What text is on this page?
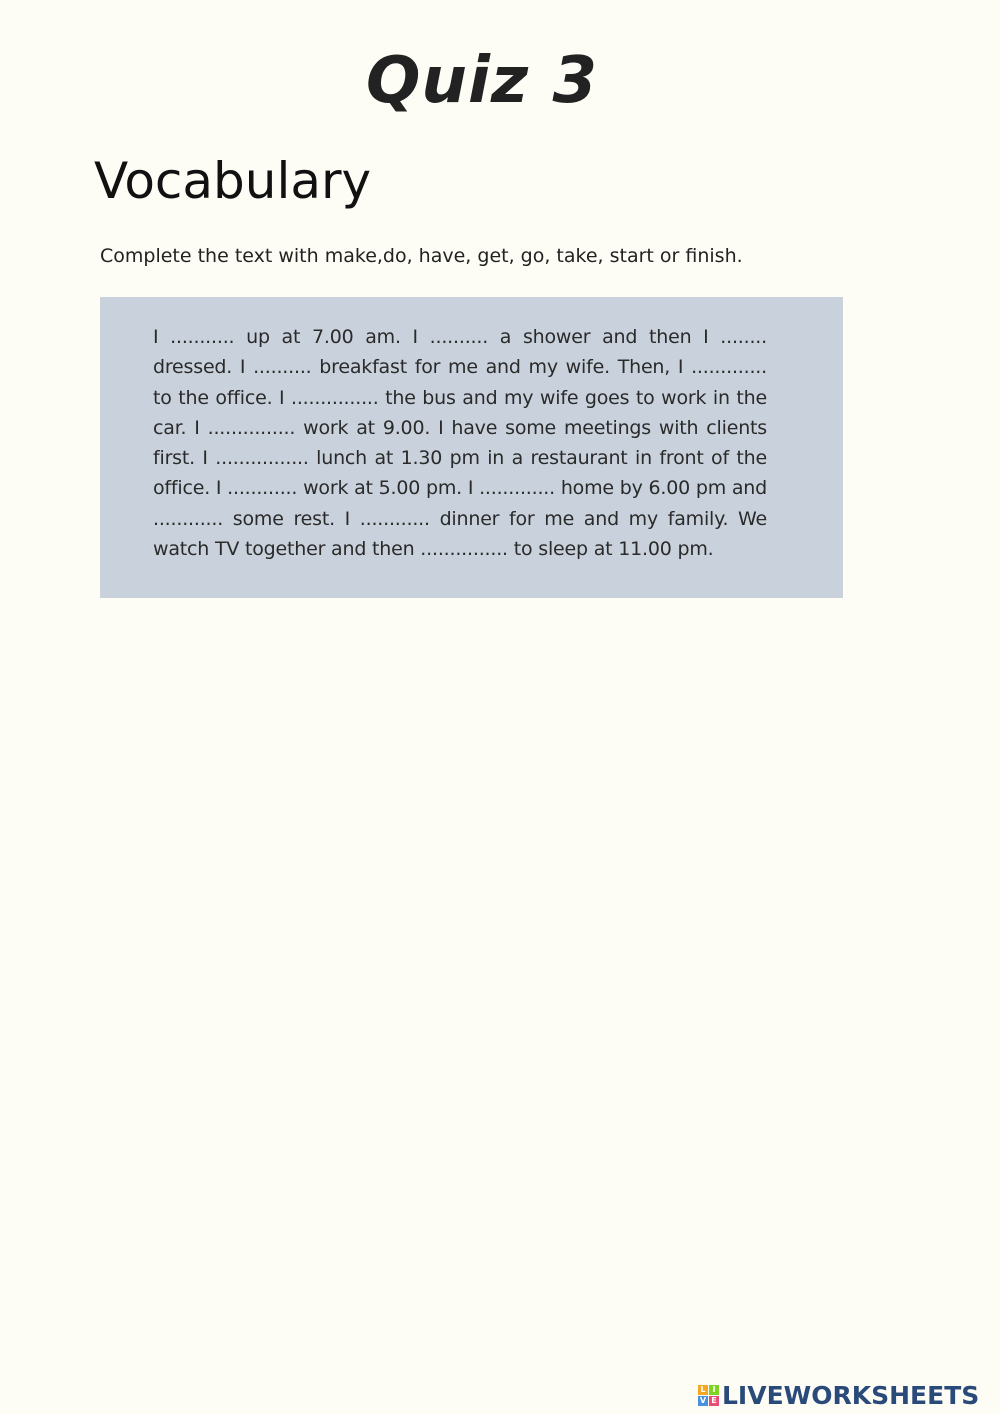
Quiz 3
Vocabulary

Complete the text with make,do, have, get, go, take, start or finish.

I ........... up at 7.00 am. I .......... a shower and then I ........ dressed. I .......... breakfast for me and my wife. Then, I ............. to the office. I ............... the bus and my wife goes to work in the car. I ............... work at 9.00. I have some meetings with clients first. I ................ lunch at 1.30 pm in a restaurant in front of the office. I ............ work at 5.00 pm. I ............. home by 6.00 pm and ............ some rest. I ............ dinner for me and my family. We watch TV together and then ............... to sleep at 11.00 pm.

L I
V E LIVEWORKSHEETS
